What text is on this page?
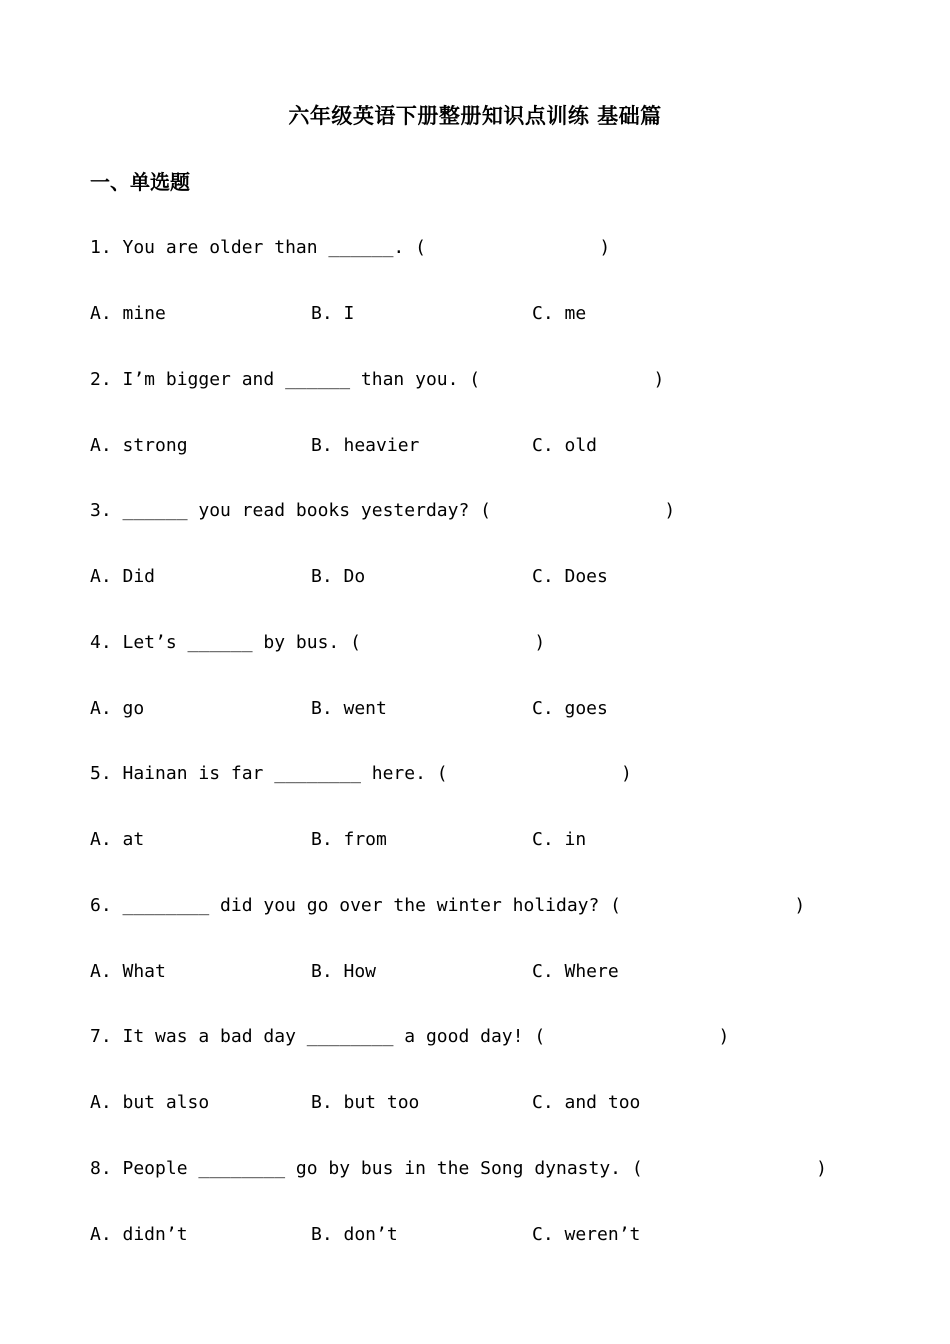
六年级英语下册整册知识点训练 基础篇
一、单选题
1. You are older than ______. (	)
A. mine	B. I	C. me
2. I’m bigger and ______ than you. (	)
A. strong	B. heavier	C. old
3. ______ you read books yesterday? (	)
A. Did	B. Do	C. Does
4. Let’s ______ by bus. (	)
A. go	B. went	C. goes
5. Hainan is far ________ here. (	)
A. at	B. from	C. in
6. ________ did you go over the winter holiday? (	)
A. What	B. How	C. Where
7. It was a bad day ________ a good day! (	)
A. but also	B. but too	C. and too
8. People ________ go by bus in the Song dynasty. (	)
A. didn’t	B. don’t	C. weren’t
